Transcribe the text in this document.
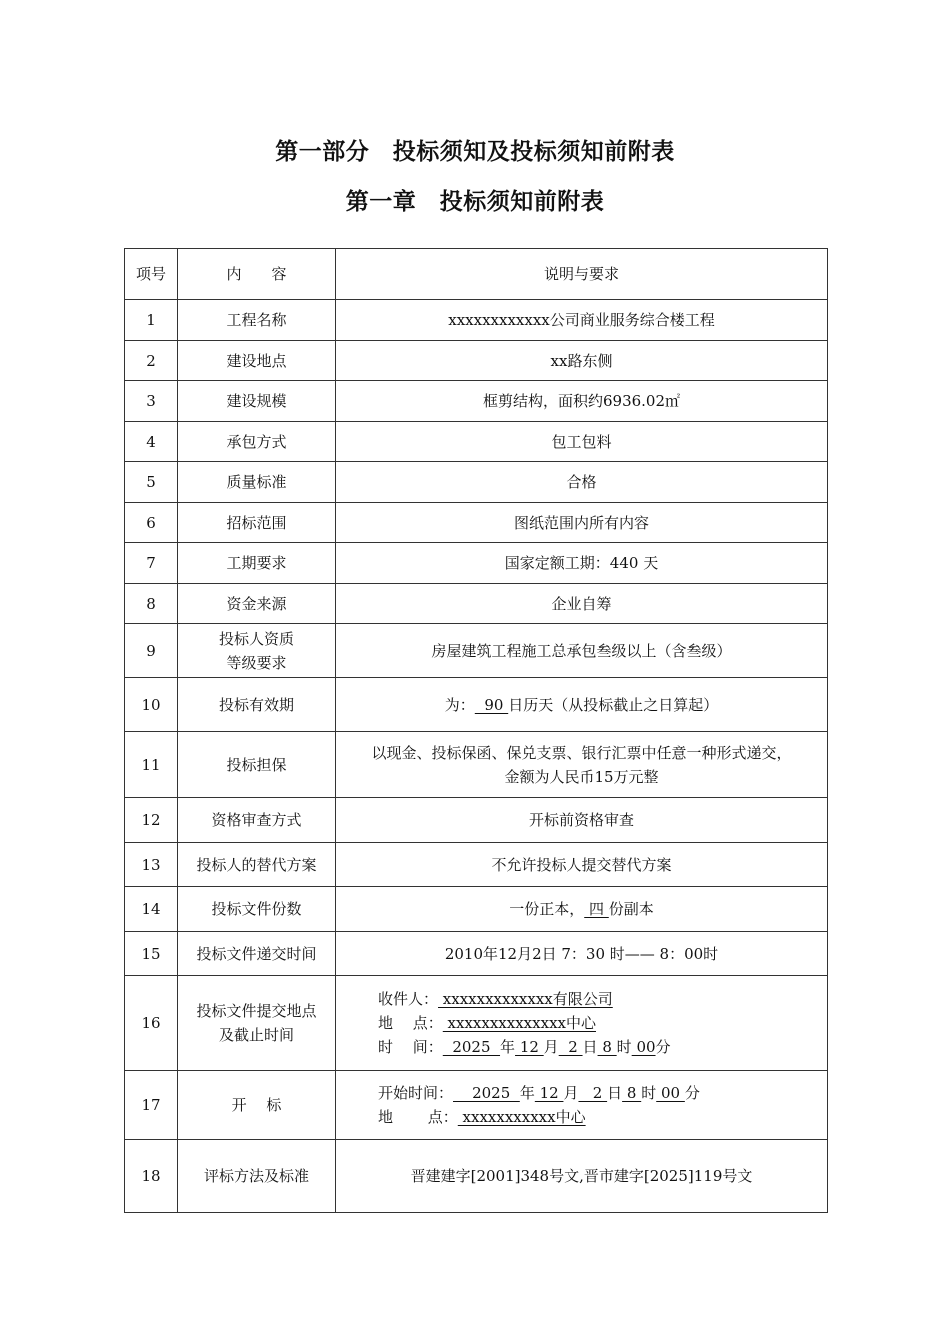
第一部分　投标须知及投标须知前附表
第一章　投标须知前附表
项号	内　　容	说明与要求
1	工程名称	xxxxxxxxxxxx公司商业服务综合楼工程
2	建设地点	xx路东侧
3	建设规模	框剪结构，面积约6936.02㎡
4	承包方式	包工包料
5	质量标准	合格
6	招标范围	图纸范围内所有内容
7	工期要求	国家定额工期：440 天
8	资金来源	企业自筹
9	投标人资质
等级要求	房屋建筑工程施工总承包叁级以上（含叁级）
10	投标有效期	为：  90 日历天（从投标截止之日算起）
11	投标担保	以现金、投标保函、保兑支票、银行汇票中任意一种形式递交，
金额为人民币15万元整

12	资格审查方式	开标前资格审查
13	投标人的替代方案	不允许投标人提交替代方案
14	投标文件份数	一份正本， 四 份副本
15	投标文件递交时间	2010年12月2日 7：30 时—— 8：00时
16	投标文件提交地点
及截止时间	收件人： xxxxxxxxxxxxx有限公司
地　 点： xxxxxxxxxxxxxx中心
时　 间：  2025  年 12 月  2 日 8 时 00分

17	开　 标	开始时间：    2025  年 12 月   2 日 8 时 00 分
地　　 点： xxxxxxxxxxx中心

18	评标方法及标准	晋建建字[2001]348号文,晋市建字[2025]119号文
